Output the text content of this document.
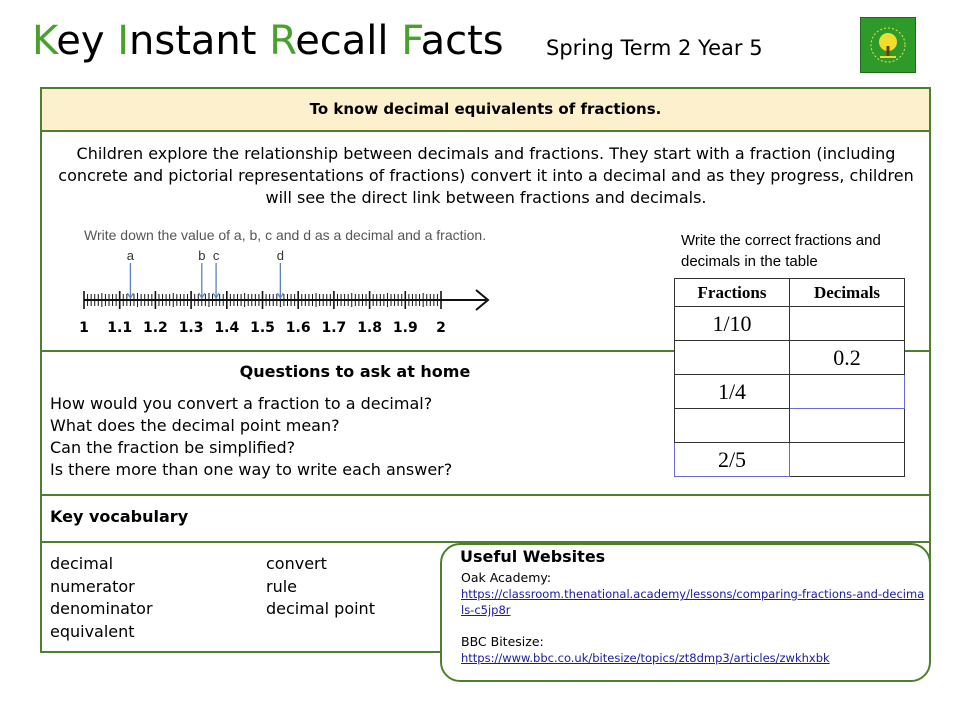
Key Instant Recall Facts Spring Term 2 Year 5
To know decimal equivalents of fractions.
Children explore the relationship between decimals and fractions. They start with a fraction (including concrete and pictorial representations of fractions) convert it into a decimal and as they progress, children will see the direct link between fractions and decimals.
Write down the value of a, b, c and d as a decimal and a fraction.
1 1.1 1.2 1.3 1.4 1.5 1.6 1.7 1.8 1.9 2
a	b c	d
Write the correct fractions and decimals in the table
Fractions	Decimals
1/10	
	0.2
1/4	

2/5	
Questions to ask at home
How would you convert a fraction to a decimal?
What does the decimal point mean?
Can the fraction be simplified?
Is there more than one way to write each answer?
Key vocabulary
decimal
numerator
denominator
equivalent
convert
rule
decimal point
Useful Websites
Oak Academy:
https://classroom.thenational.academy/lessons/comparing-fractions-and-decimals-c5jp8r
BBC Bitesize:
https://www.bbc.co.uk/bitesize/topics/zt8dmp3/articles/zwkhxbk
